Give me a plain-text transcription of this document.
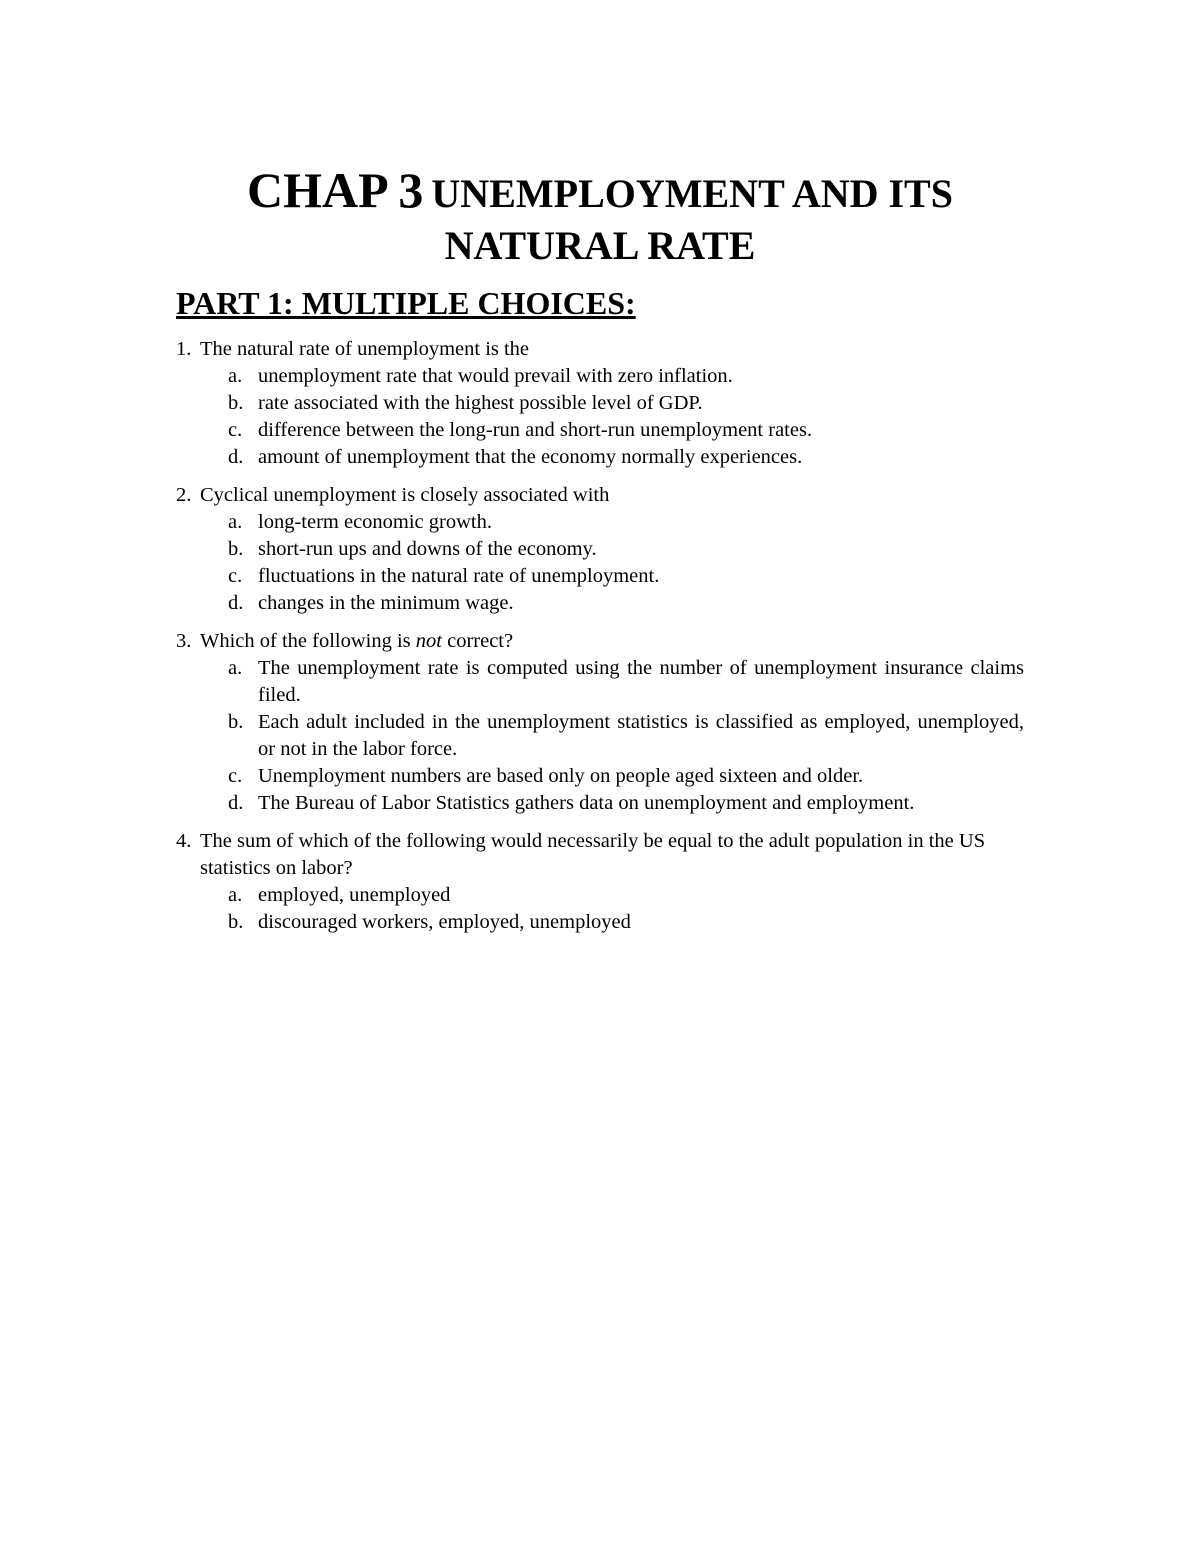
CHAP 3 UNEMPLOYMENT AND ITS
NATURAL RATE
PART 1: MULTIPLE CHOICES:
1. The natural rate of unemployment is the
a. unemployment rate that would prevail with zero inflation.
b. rate associated with the highest possible level of GDP.
c. difference between the long-run and short-run unemployment rates.
d. amount of unemployment that the economy normally experiences.
2. Cyclical unemployment is closely associated with
a. long-term economic growth.
b. short-run ups and downs of the economy.
c. fluctuations in the natural rate of unemployment.
d. changes in the minimum wage.
3. Which of the following is not correct?
a. The unemployment rate is computed using the number of unemployment insurance claims filed.
b. Each adult included in the unemployment statistics is classified as employed, unemployed, or not in the labor force.
c. Unemployment numbers are based only on people aged sixteen and older.
d. The Bureau of Labor Statistics gathers data on unemployment and employment.
4. The sum of which of the following would necessarily be equal to the adult population in the US statistics on labor?
a. employed, unemployed
b. discouraged workers, employed, unemployed
